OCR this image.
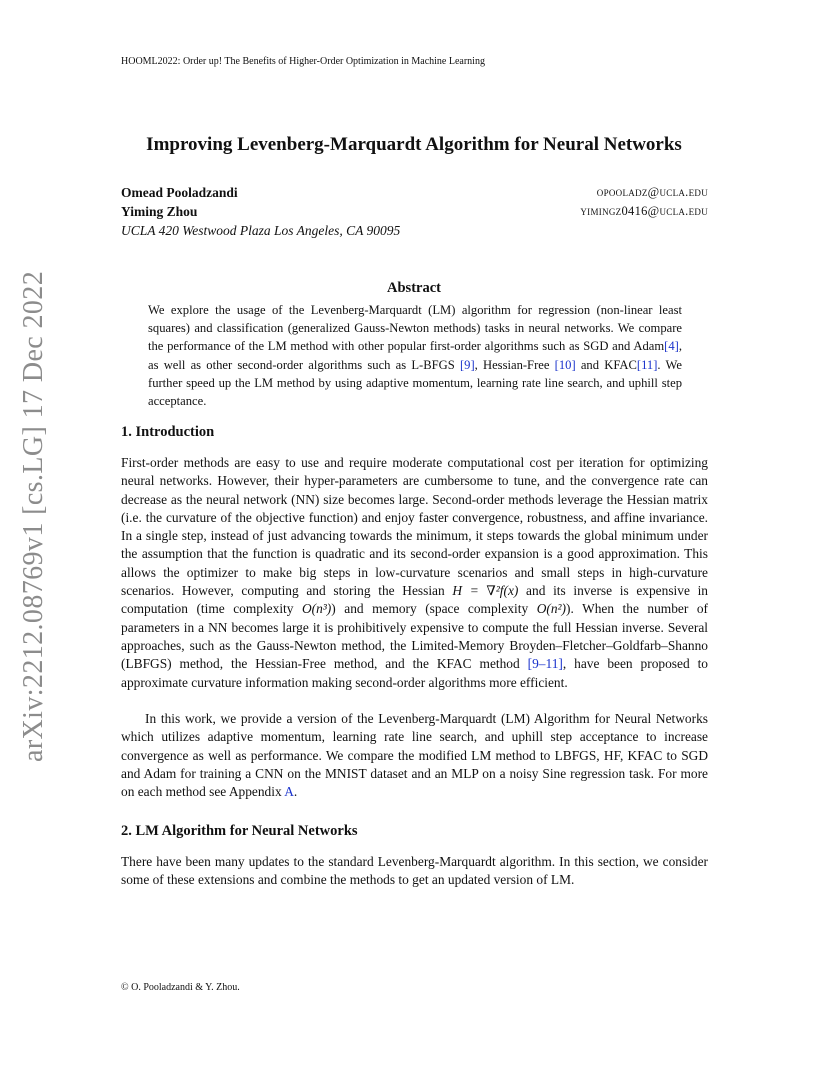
arXiv:2212.08769v1 [cs.LG] 17 Dec 2022
HOOML2022: Order up! The Benefits of Higher-Order Optimization in Machine Learning
Improving Levenberg-Marquardt Algorithm for Neural Networks
Omead Pooladzandi	opooladz@ucla.edu
Yiming Zhou	yimingz0416@ucla.edu
UCLA 420 Westwood Plaza Los Angeles, CA 90095
Abstract

We explore the usage of the Levenberg-Marquardt (LM) algorithm for regression (non-linear least squares) and classification (generalized Gauss-Newton methods) tasks in neural networks. We compare the performance of the LM method with other popular first-order algorithms such as SGD and Adam[4], as well as other second-order algorithms such as L-BFGS [9], Hessian-Free [10] and KFAC[11]. We further speed up the LM method by using adaptive momentum, learning rate line search, and uphill step acceptance.

1. Introduction

First-order methods are easy to use and require moderate computational cost per iteration for optimizing neural networks. However, their hyper-parameters are cumbersome to tune, and the convergence rate can decrease as the neural network (NN) size becomes large. Second-order methods leverage the Hessian matrix (i.e. the curvature of the objective function) and enjoy faster convergence, robustness, and affine invariance. In a single step, instead of just advancing towards the minimum, it steps towards the global minimum under the assumption that the function is quadratic and its second-order expansion is a good approximation. This allows the optimizer to make big steps in low-curvature scenarios and small steps in high-curvature scenarios. However, computing and storing the Hessian H = ∇²f(x) and its inverse is expensive in computation (time complexity O(n³)) and memory (space complexity O(n²)). When the number of parameters in a NN becomes large it is prohibitively expensive to compute the full Hessian inverse. Several approaches, such as the Gauss-Newton method, the Limited-Memory Broyden–Fletcher–Goldfarb–Shanno (LBFGS) method, the Hessian-Free method, and the KFAC method [9–11], have been proposed to approximate curvature information making second-order algorithms more efficient.

In this work, we provide a version of the Levenberg-Marquardt (LM) Algorithm for Neural Networks which utilizes adaptive momentum, learning rate line search, and uphill step acceptance to increase convergence as well as performance. We compare the modified LM method to LBFGS, HF, KFAC to SGD and Adam for training a CNN on the MNIST dataset and an MLP on a noisy Sine regression task. For more on each method see Appendix A.

2. LM Algorithm for Neural Networks

There have been many updates to the standard Levenberg-Marquardt algorithm. In this section, we consider some of these extensions and combine the methods to get an updated version of LM.

© O. Pooladzandi & Y. Zhou.
